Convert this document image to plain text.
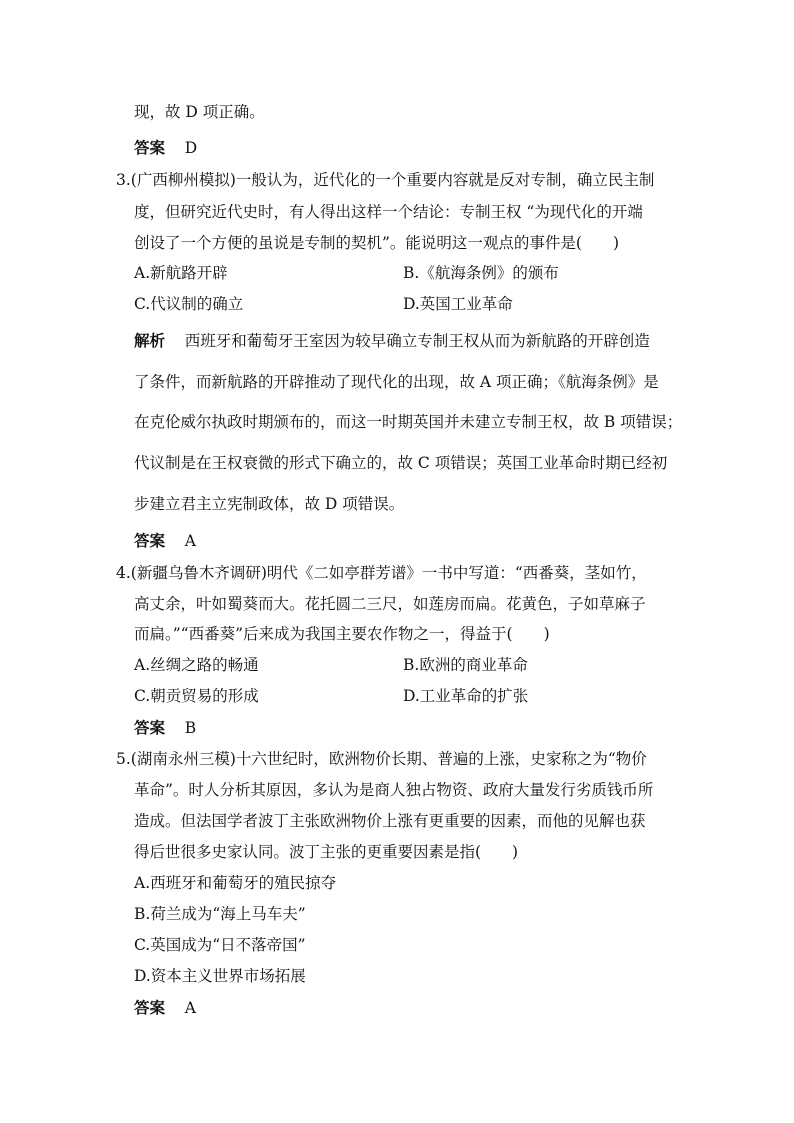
现，故 D 项正确。
答案 D
3.(广西柳州模拟)一般认为，近代化的一个重要内容就是反对专制，确立民主制
度，但研究近代史时，有人得出这样一个结论：专制王权 “为现代化的开端
创设了一个方便的虽说是专制的契机”。能说明这一观点的事件是(　　)
A.新航路开辟	B.《航海条例》的颁布
C.代议制的确立	D.英国工业革命
解析 西班牙和葡萄牙王室因为较早确立专制王权从而为新航路的开辟创造
了条件，而新航路的开辟推动了现代化的出现，故 A 项正确；《航海条例》是
在克伦威尔执政时期颁布的，而这一时期英国并未建立专制王权，故 B 项错误；
代议制是在王权衰微的形式下确立的，故 C 项错误；英国工业革命时期已经初
步建立君主立宪制政体，故 D 项错误。
答案 A
4.(新疆乌鲁木齐调研)明代《二如亭群芳谱》一书中写道：“西番葵，茎如竹，
高丈余，叶如蜀葵而大。花托圆二三尺，如莲房而扁。花黄色，子如草麻子
而扁。”“西番葵”后来成为我国主要农作物之一，得益于(　　)
A.丝绸之路的畅通	B.欧洲的商业革命
C.朝贡贸易的形成	D.工业革命的扩张
答案 B
5.(湖南永州三模)十六世纪时，欧洲物价长期、普遍的上涨，史家称之为“物价
革命”。时人分析其原因，多认为是商人独占物资、政府大量发行劣质钱币所
造成。但法国学者波丁主张欧洲物价上涨有更重要的因素，而他的见解也获
得后世很多史家认同。波丁主张的更重要因素是指(　　)
A.西班牙和葡萄牙的殖民掠夺
B.荷兰成为“海上马车夫”
C.英国成为“日不落帝国”
D.资本主义世界市场拓展
答案 A
